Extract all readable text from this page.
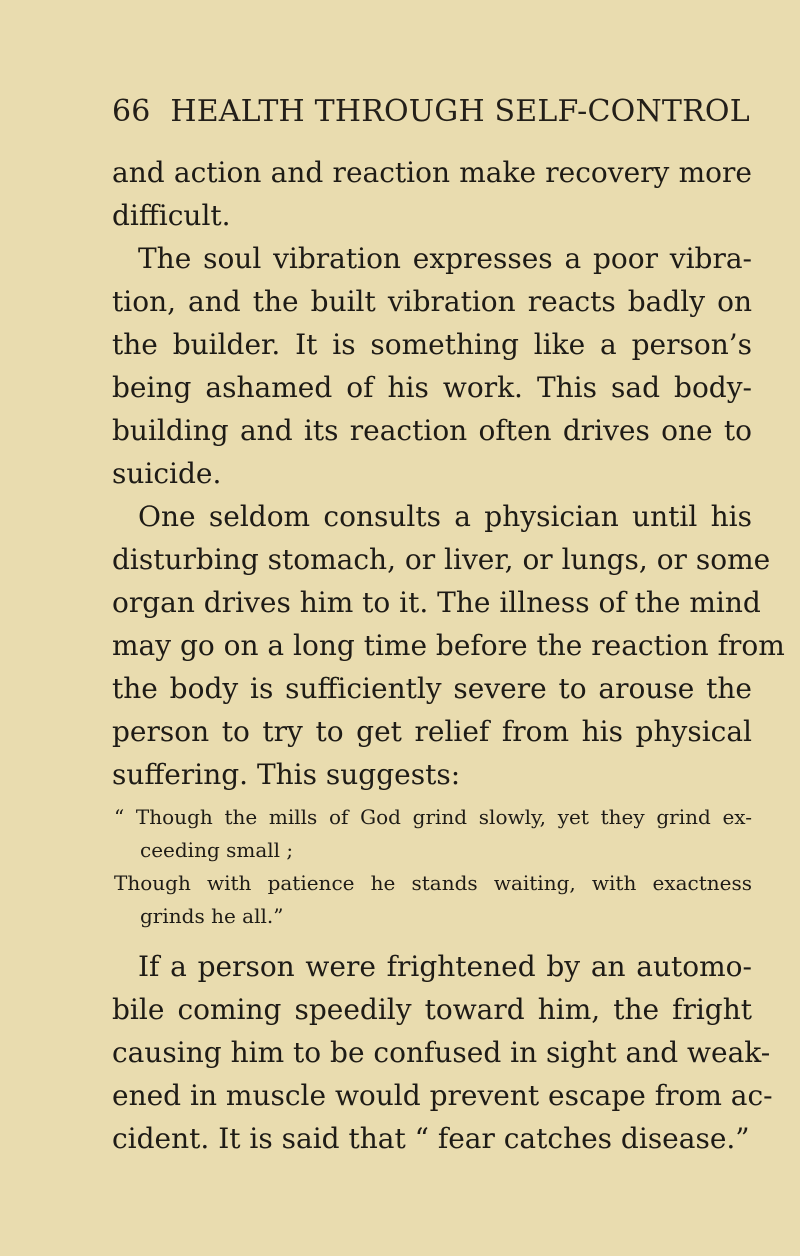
66 HEALTH THROUGH SELF-CONTROL
and action and reaction make recovery more
difficult.
The soul vibration expresses a poor vibra-
tion, and the built vibration reacts badly on
the builder. It is something like a person’s
being ashamed of his work. This sad body-
building and its reaction often drives one to
suicide.
One seldom consults a physician until his
disturbing stomach, or liver, or lungs, or some
organ drives him to it. The illness of the mind
may go on a long time before the reaction from
the body is sufficiently severe to arouse the
person to try to get relief from his physical
suffering. This suggests:
“ Though the mills of God grind slowly, yet they grind ex-
ceeding small ;
Though with patience he stands waiting, with exactness
grinds he all.”
If a person were frightened by an automo-
bile coming speedily toward him, the fright
causing him to be confused in sight and weak-
ened in muscle would prevent escape from ac-
cident. It is said that “ fear catches disease.”
